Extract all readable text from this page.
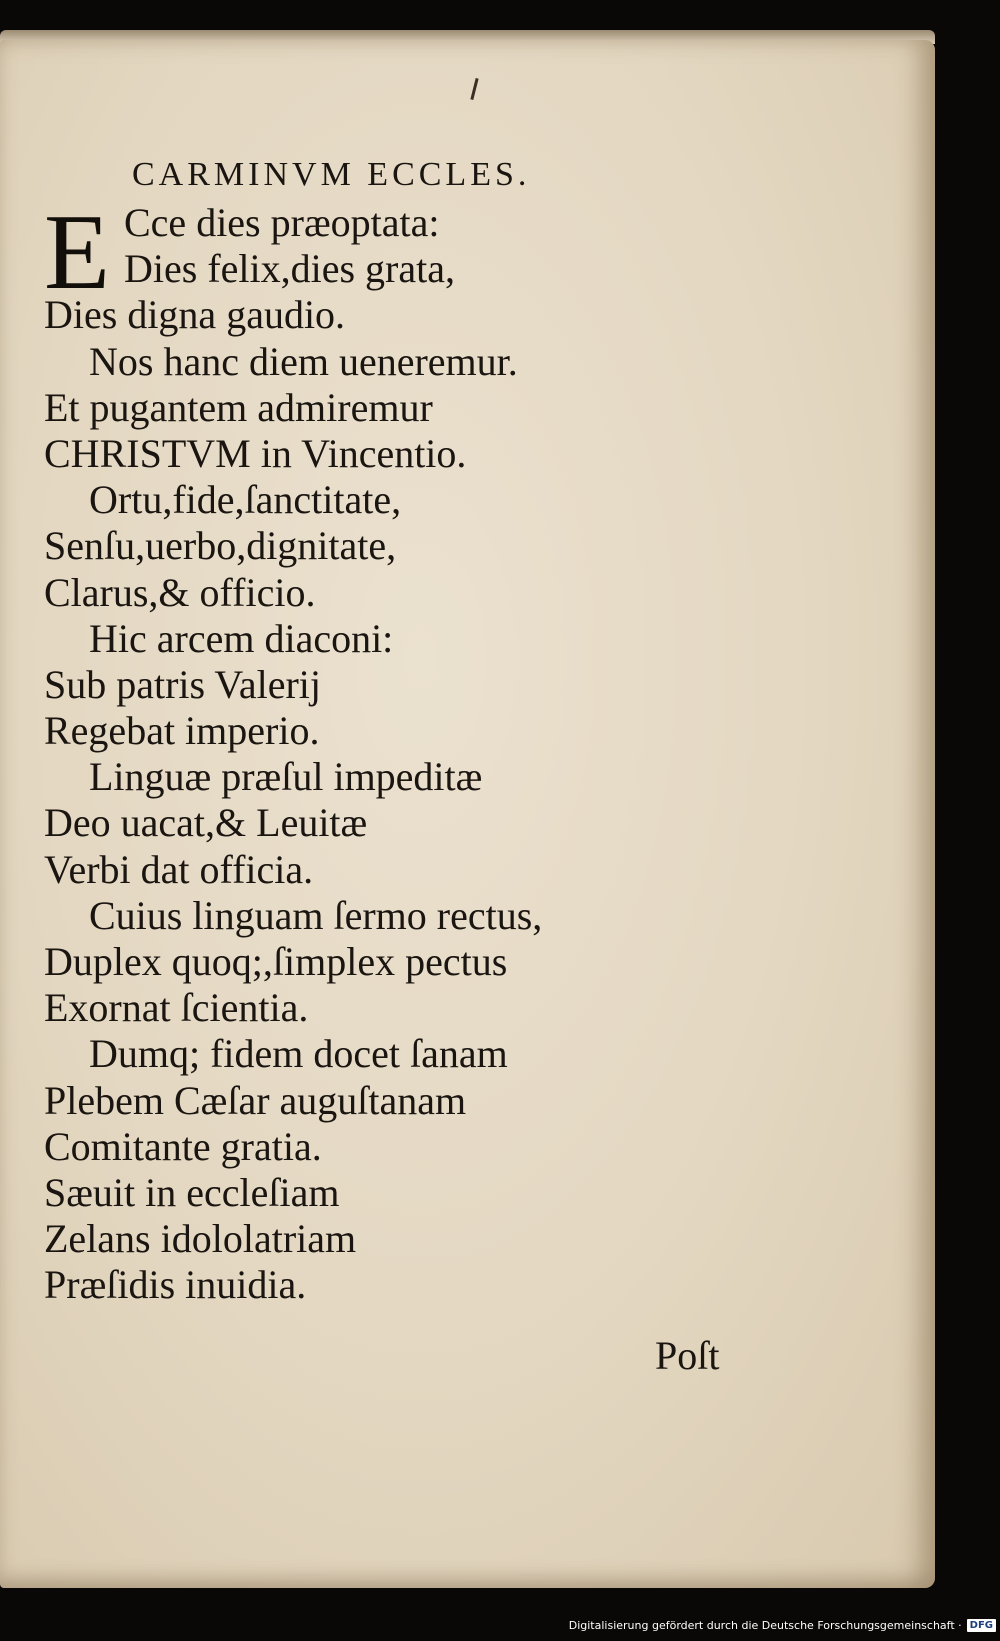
CARMINVM ECCLES.
E Cce dies præoptata:
Dies felix,dies grata,
Dies digna gaudio.
Nos hanc diem ueneremur.
Et pugantem admiremur
CHRISTVM in Vincentio.
Ortu,fide,ſanctitate,
Senſu,uerbo,dignitate,
Clarus,& officio.
Hic arcem diaconi:
Sub patris Valerij
Regebat imperio.
Linguæ præſul impeditæ
Deo uacat,& Leuitæ
Verbi dat officia.
Cuius linguam ſermo rectus,
Duplex quoq;,ſimplex pectus
Exornat ſcientia.
Dumq; fidem docet ſanam
Plebem Cæſar auguſtanam
Comitante gratia.
Sæuit in eccleſiam
Zelans idololatriam
Præſidis inuidia.
Poſt
Digitalisierung gefördert durch die Deutsche Forschungsgemeinschaft · DFG
